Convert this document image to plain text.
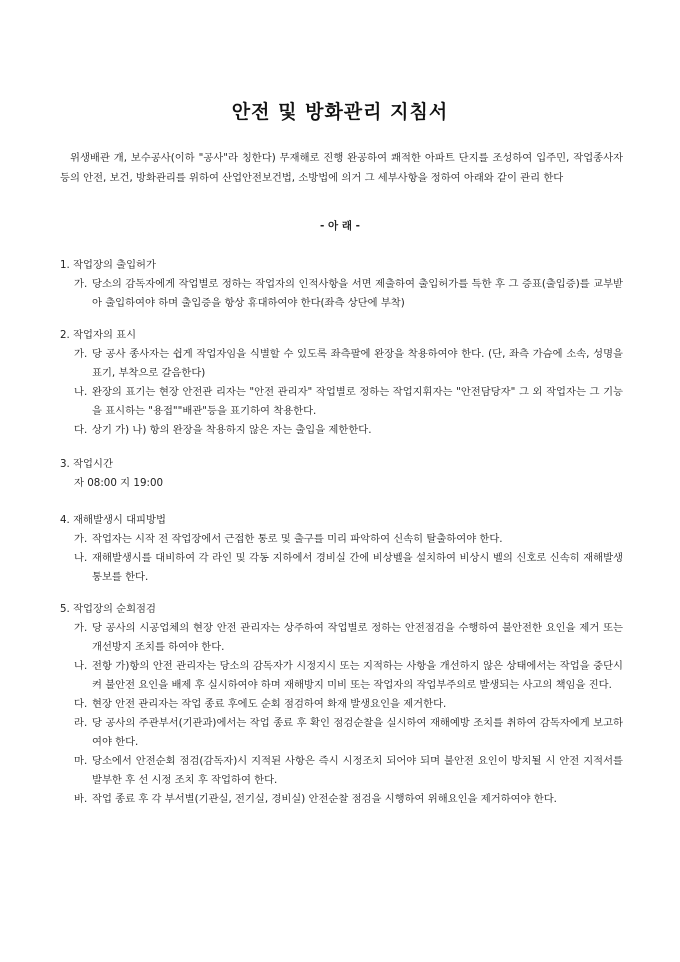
안전 및 방화관리 지침서
위생배관 개, 보수공사(이하 "공사"라 칭한다) 무재해로 진행 완공하여 쾌적한 아파트 단지를 조성하여 입주민, 작업종사자등의 안전, 보건, 방화관리를 위하여 산업안전보건법, 소방법에 의거 그 세부사항을 정하여 아래와 같이 관리 한다
- 아 래 -
1. 작업장의 출입허가
가. 당소의 감독자에게 작업별로 정하는 작업자의 인적사항을 서면 제출하여 출입허가를 득한 후 그 증표(출입증)를 교부받아 출입하여야 하며 출입증을 항상 휴대하여야 한다(좌측 상단에 부착)
2. 작업자의 표시
가. 당 공사 종사자는 쉽게 작업자임을 식별할 수 있도록 좌측팔에 완장을 착용하여야 한다. (단, 좌측 가슴에 소속, 성명을 표기, 부착으로 갈음한다)
나. 완장의 표기는 현장 안전관 리자는 "안전 관리자" 작업별로 정하는 작업지휘자는 "안전담당자" 그 외 작업자는 그 기능을 표시하는 "용접""배관"등을 표기하여 착용한다.
다. 상기 가) 나) 항의 완장을 착용하지 않은 자는 출입을 제한한다.
3. 작업시간
자 08:00 지 19:00
4. 재해발생시 대피방법
가. 작업자는 시작 전 작업장에서 근접한 통로 및 출구를 미리 파악하여 신속히 탈출하여야 한다.
나. 재해발생시를 대비하여 각 라인 및 각동 지하에서 경비실 간에 비상벨을 설치하여 비상시 벨의 신호로 신속히 재해발생통보를 한다.
5. 작업장의 순회점검
가. 당 공사의 시공업체의 현장 안전 관리자는 상주하여 작업별로 정하는 안전점검을 수행하여 불안전한 요인을 제거 또는 개선방지 조치를 하여야 한다.
나. 전항 가)항의 안전 관리자는 당소의 감독자가 시정지시 또는 지적하는 사항을 개선하지 않은 상태에서는 작업을 중단시켜 불안전 요인을 배제 후 실시하여야 하며 재해방지 미비 또는 작업자의 작업부주의로 발생되는 사고의 책임을 진다.
다. 현장 안전 관리자는 작업 종료 후에도 순회 점검하여 화재 발생요인을 제거한다.
라. 당 공사의 주관부서(기관과)에서는 작업 종료 후 확인 점검순찰을 실시하여 재해예방 조치를 취하여 감독자에게 보고하여야 한다.
마. 당소에서 안전순회 점검(감독자)시 지적된 사항은 즉시 시정조치 되어야 되며 불안전 요인이 방치될 시 안전 지적서를 발부한 후 선 시정 조치 후 작업하여 한다.
바. 작업 종료 후 각 부서별(기관실, 전기실, 경비실) 안전순찰 점검을 시행하여 위해요인을 제거하여야 한다.
